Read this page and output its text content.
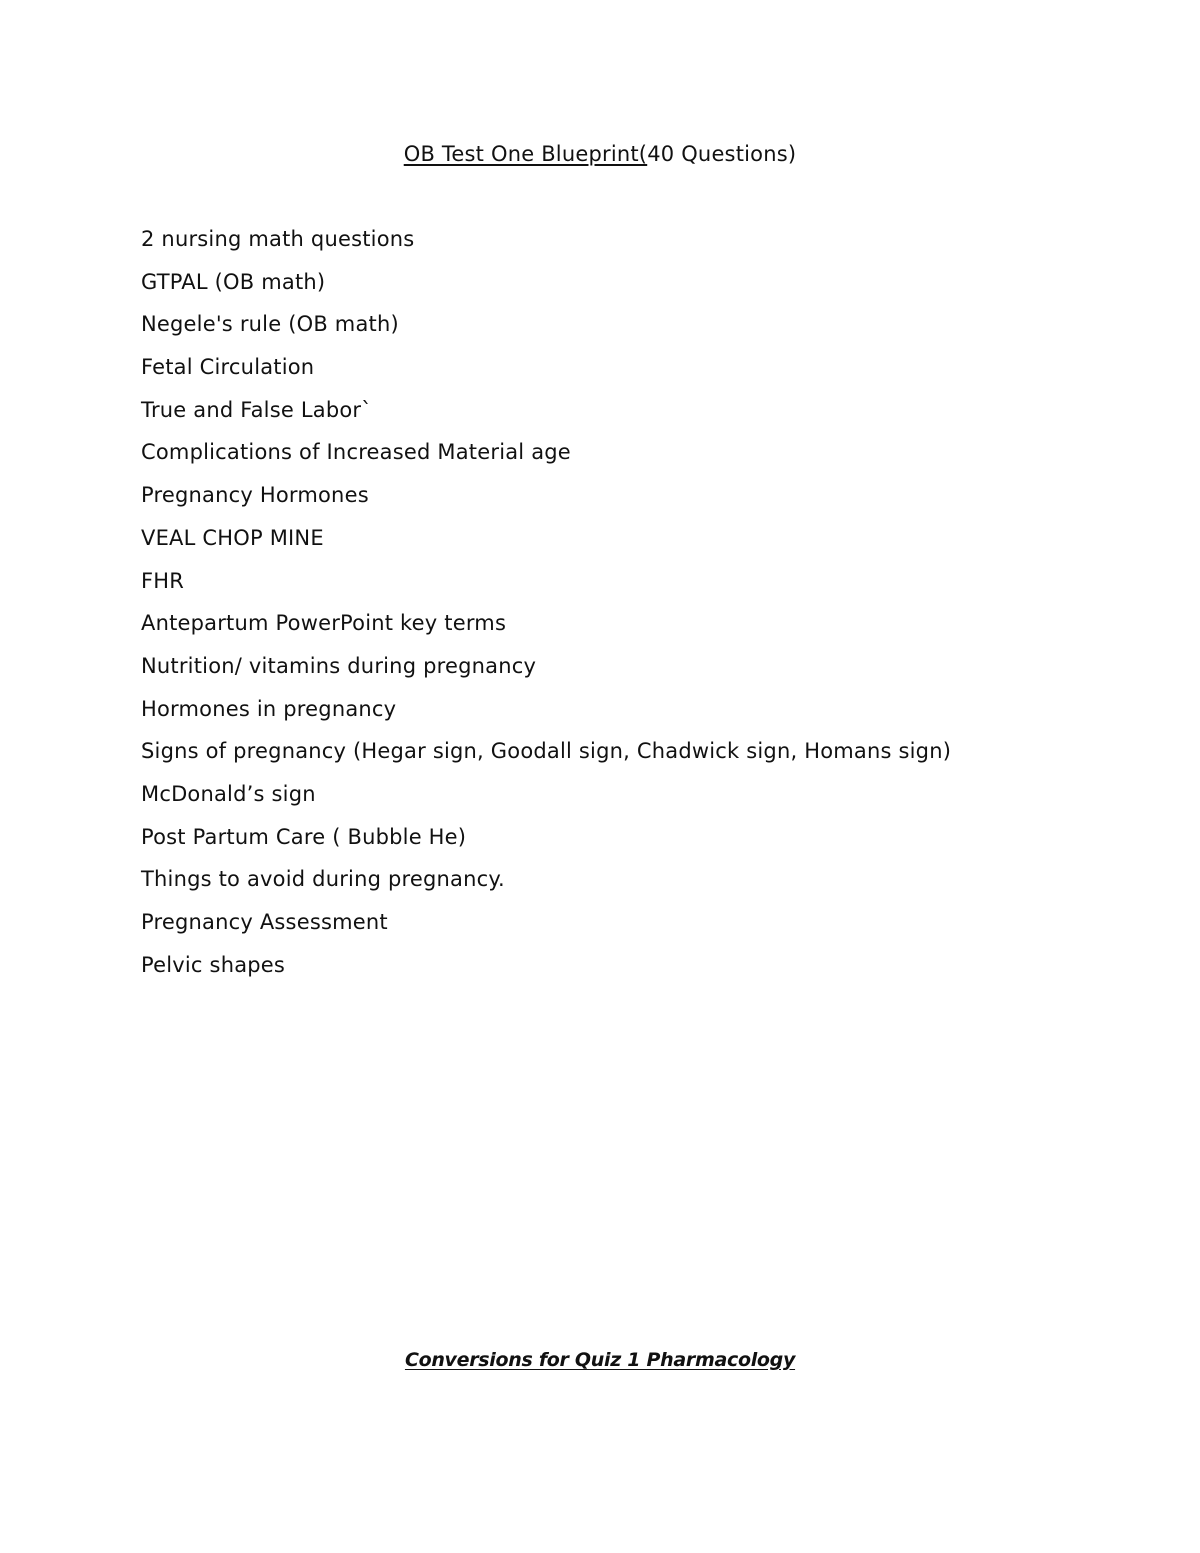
OB Test One Blueprint(40 Questions)
2 nursing math questions
GTPAL (OB math)
Negele's rule (OB math)
Fetal Circulation
True and False Labor`
Complications of Increased Material age
Pregnancy Hormones
VEAL CHOP MINE
FHR
Antepartum PowerPoint key terms
Nutrition/ vitamins during pregnancy
Hormones in pregnancy
Signs of pregnancy (Hegar sign, Goodall sign, Chadwick sign, Homans sign)
McDonald’s sign
Post Partum Care ( Bubble He)
Things to avoid during pregnancy.
Pregnancy Assessment
Pelvic shapes
Conversions for Quiz 1 Pharmacology
